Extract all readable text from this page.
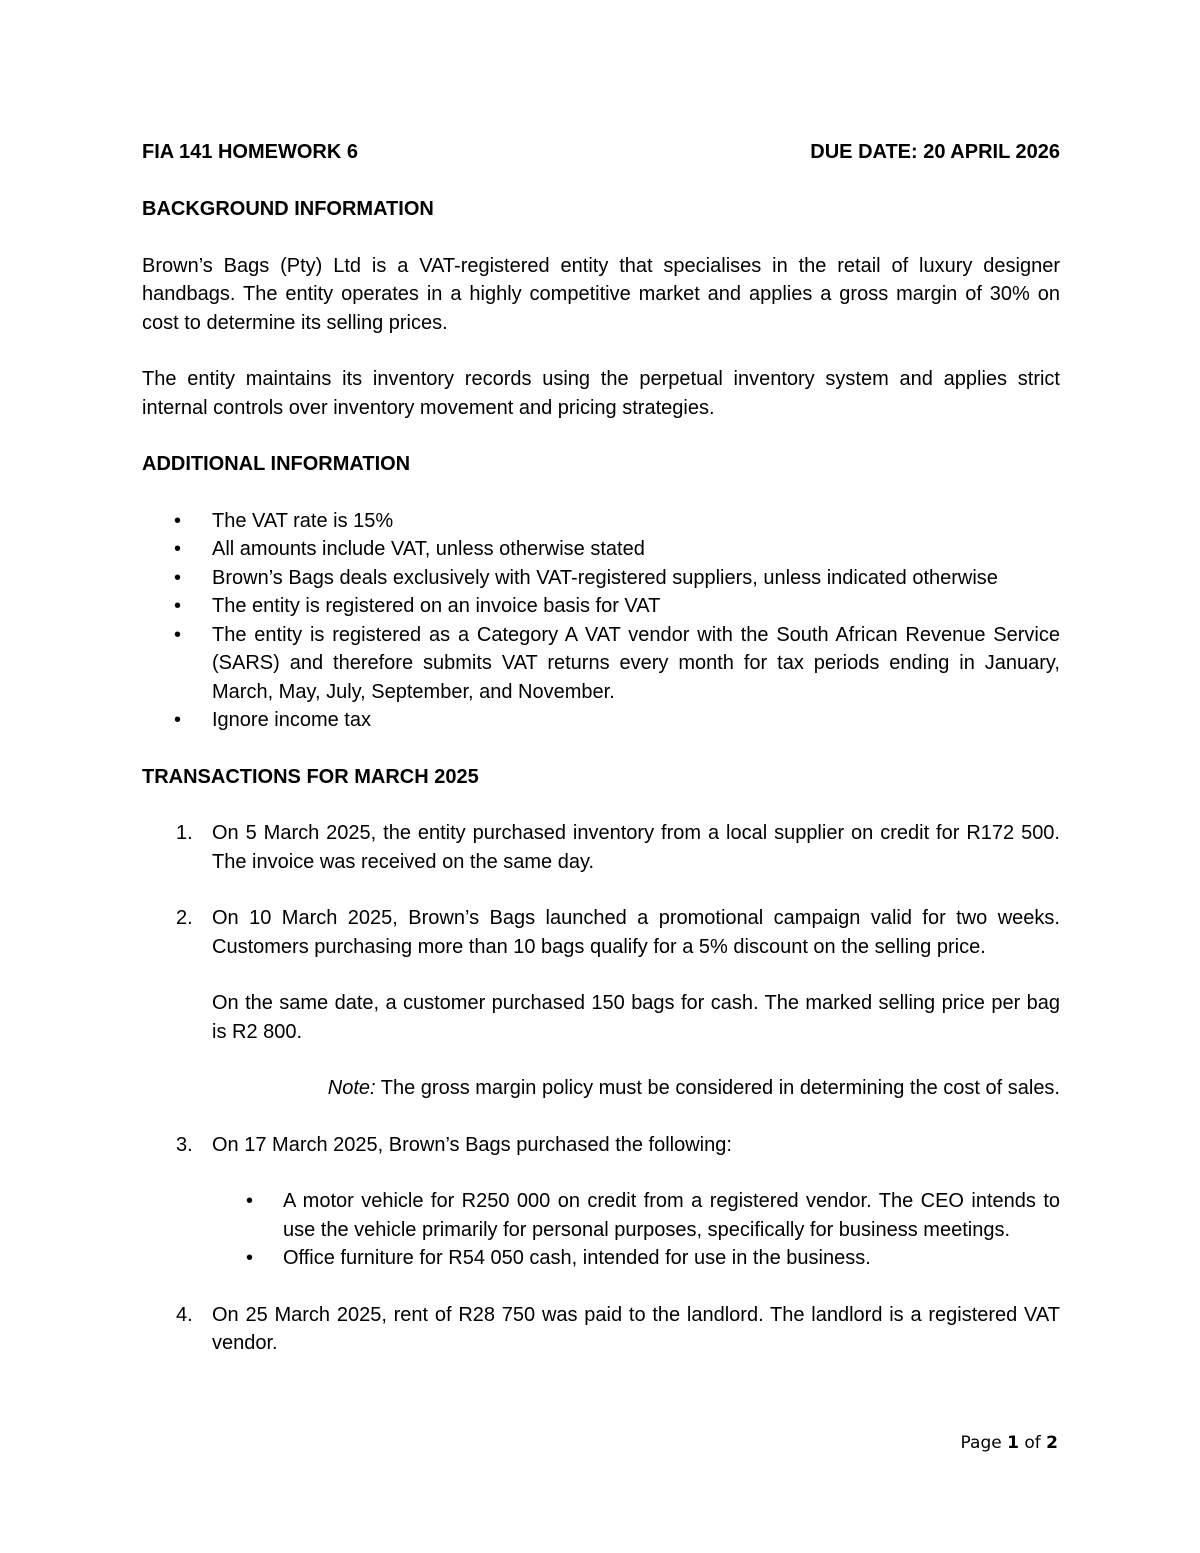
FIA 141 HOMEWORK 6	DUE DATE: 20 APRIL 2026

BACKGROUND INFORMATION

Brown’s Bags (Pty) Ltd is a VAT-registered entity that specialises in the retail of luxury designer handbags. The entity operates in a highly competitive market and applies a gross margin of 30% on cost to determine its selling prices.

The entity maintains its inventory records using the perpetual inventory system and applies strict internal controls over inventory movement and pricing strategies.

ADDITIONAL INFORMATION

• The VAT rate is 15%
• All amounts include VAT, unless otherwise stated
• Brown’s Bags deals exclusively with VAT-registered suppliers, unless indicated otherwise
• The entity is registered on an invoice basis for VAT
• The entity is registered as a Category A VAT vendor with the South African Revenue Service (SARS) and therefore submits VAT returns every month for tax periods ending in January, March, May, July, September, and November.
• Ignore income tax

TRANSACTIONS FOR MARCH 2025

1. On 5 March 2025, the entity purchased inventory from a local supplier on credit for R172 500. The invoice was received on the same day.

2. On 10 March 2025, Brown’s Bags launched a promotional campaign valid for two weeks. Customers purchasing more than 10 bags qualify for a 5% discount on the selling price.

On the same date, a customer purchased 150 bags for cash. The marked selling price per bag is R2 800.

Note: The gross margin policy must be considered in determining the cost of sales.

3. On 17 March 2025, Brown’s Bags purchased the following:

• A motor vehicle for R250 000 on credit from a registered vendor. The CEO intends to use the vehicle primarily for personal purposes, specifically for business meetings.
• Office furniture for R54 050 cash, intended for use in the business.
4. On 25 March 2025, rent of R28 750 was paid to the landlord. The landlord is a registered VAT vendor.

Page 1 of 2
